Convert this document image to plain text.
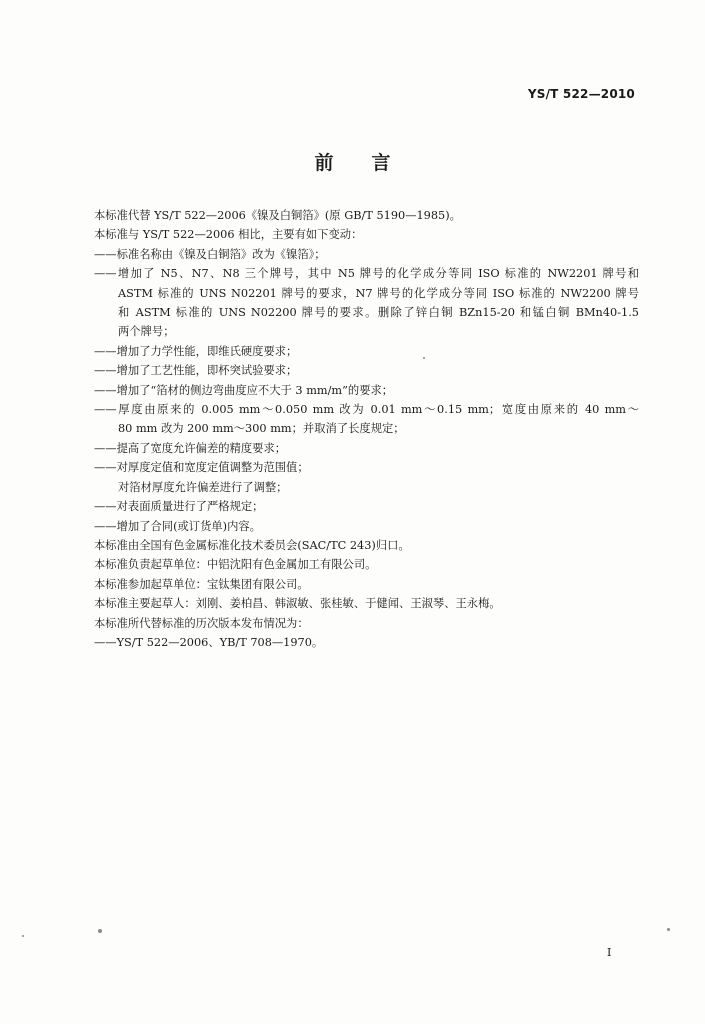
YS/T 522—2010
前言
本标准代替 YS/T 522—2006《镍及白铜箔》(原 GB/T 5190—1985)。
本标准与 YS/T 522—2006 相比，主要有如下变动：
——标准名称由《镍及白铜箔》改为《镍箔》；
——增加了 N5、N7、N8 三个牌号，其中 N5 牌号的化学成分等同 ISO 标准的 NW2201 牌号和
ASTM 标准的 UNS N02201 牌号的要求，N7 牌号的化学成分等同 ISO 标准的 NW2200 牌号
和 ASTM 标准的 UNS N02200 牌号的要求。删除了锌白铜 BZn15-20 和锰白铜 BMn40-1.5
两个牌号；
——增加了力学性能，即维氏硬度要求；
——增加了工艺性能，即杯突试验要求；
——增加了“箔材的侧边弯曲度应不大于 3 mm/m”的要求；
——厚度由原来的 0.005 mm～0.050 mm 改为 0.01 mm～0.15 mm；宽度由原来的 40 mm～
80 mm 改为 200 mm～300 mm；并取消了长度规定；
——提高了宽度允许偏差的精度要求；
——对厚度定值和宽度定值调整为范围值；
对箔材厚度允许偏差进行了调整；
——对表面质量进行了严格规定；
——增加了合同(或订货单)内容。
本标准由全国有色金属标准化技术委员会(SAC/TC 243)归口。
本标准负责起草单位：中铝沈阳有色金属加工有限公司。
本标准参加起草单位：宝钛集团有限公司。
本标准主要起草人：刘刚、姜柏昌、韩淑敏、张桂敏、于健闻、王淑琴、王永梅。
本标准所代替标准的历次版本发布情况为：
——YS/T 522—2006、YB/T 708—1970。
I
